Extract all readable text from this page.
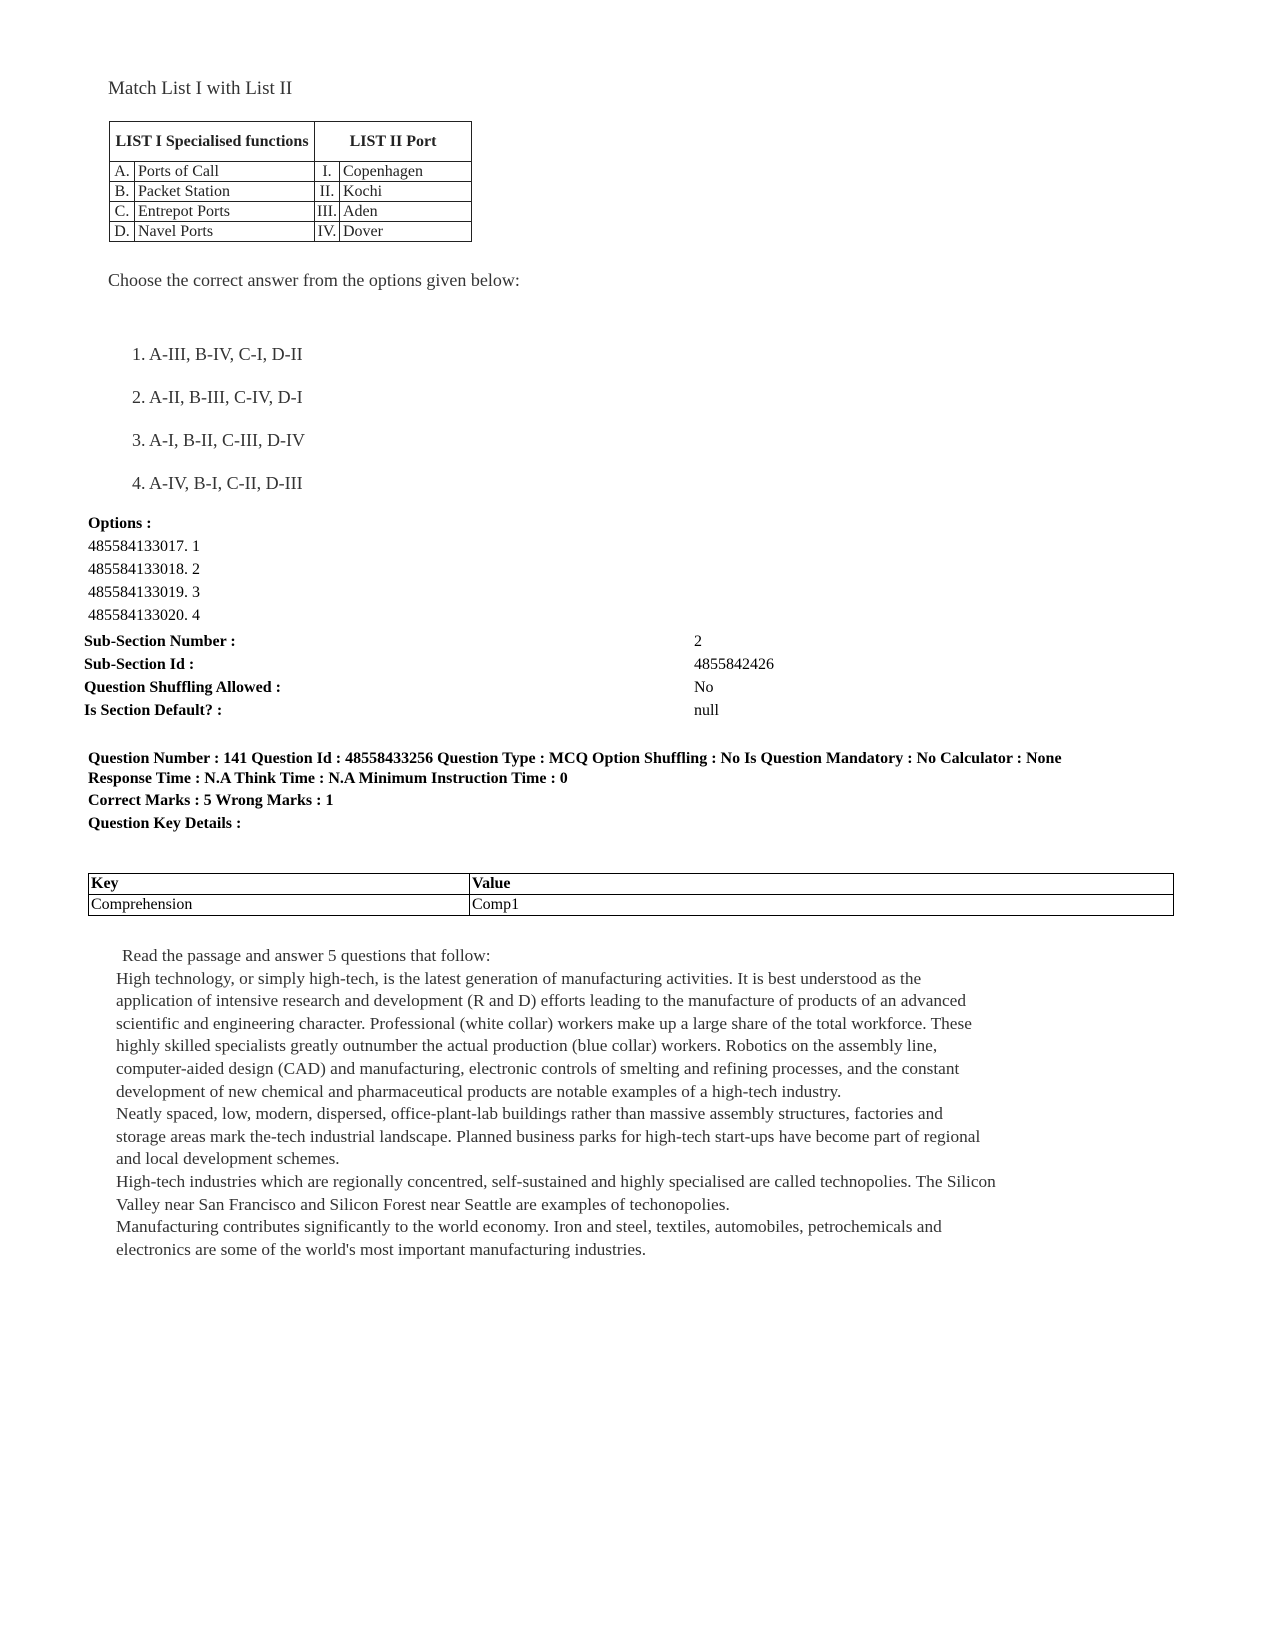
Match List I with List II
LIST I Specialised functions	LIST II Port

A. Ports of Call	I. Copenhagen

B. Packet Station	II. Kochi

C. Entrepot Ports	III. Aden

D. Navel Ports	IV. Dover
Choose the correct answer from the options given below:
1. A-III, B-IV, C-I, D-II
2. A-II, B-III, C-IV, D-I
3. A-I, B-II, C-III, D-IV
4. A-IV, B-I, C-II, D-III
Options :
485584133017. 1
485584133018. 2
485584133019. 3
485584133020. 4
Sub-Section Number :	2
Sub-Section Id :	4855842426
Question Shuffling Allowed :	No
Is Section Default? :	null
Question Number : 141 Question Id : 48558433256 Question Type : MCQ Option Shuffling : No Is Question Mandatory : No Calculator : None
Response Time : N.A Think Time : N.A Minimum Instruction Time : 0
Correct Marks : 5 Wrong Marks : 1
Question Key Details :
Key	Value
Comprehension	Comp1

Read the passage and answer 5 questions that follow:

High technology, or simply high-tech, is the latest generation of manufacturing activities. It is best understood as the application of intensive research and development (R and D) efforts leading to the manufacture of products of an advanced scientific and engineering character. Professional (white collar) workers make up a large share of the total workforce. These highly skilled specialists greatly outnumber the actual production (blue collar) workers. Robotics on the assembly line, computer-aided design (CAD) and manufacturing, electronic controls of smelting and refining processes, and the constant development of new chemical and pharmaceutical products are notable examples of a high-tech industry.

Neatly spaced, low, modern, dispersed, office-plant-lab buildings rather than massive assembly structures, factories and storage areas mark the-tech industrial landscape. Planned business parks for high-tech start-ups have become part of regional and local development schemes.

High-tech industries which are regionally concentred, self-sustained and highly specialised are called technopolies. The Silicon Valley near San Francisco and Silicon Forest near Seattle are examples of techonopolies.

Manufacturing contributes significantly to the world economy. Iron and steel, textiles, automobiles, petrochemicals and electronics are some of the world's most important manufacturing industries.
